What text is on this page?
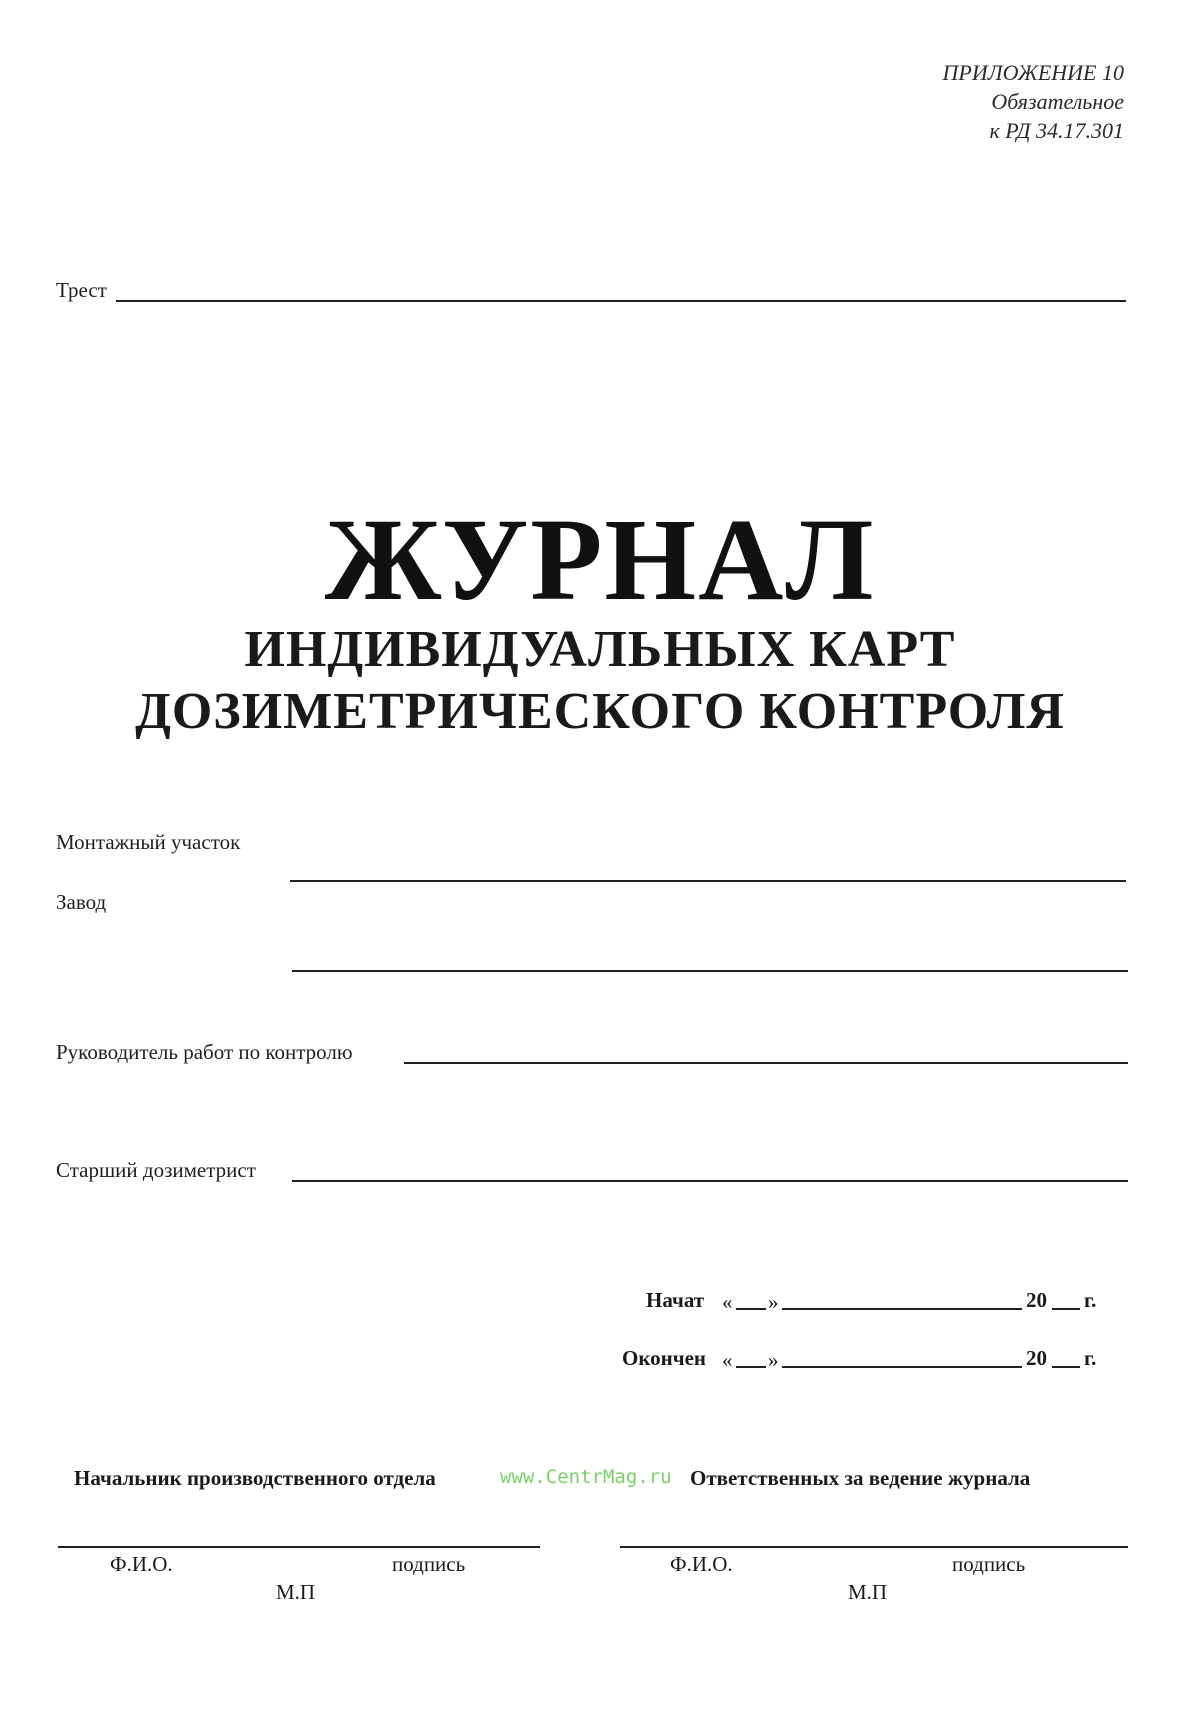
ПРИЛОЖЕНИЕ 10
Обязательное
к РД 34.17.301
Трест
ЖУРНАЛ
ИНДИВИДУАЛЬНЫХ КАРТ
ДОЗИМЕТРИЧЕСКОГО КОНТРОЛЯ
Монтажный участок
Завод
Руководитель работ по контролю
Старший дозиметрист
Начат « »	20 г.
Окончен « »	20 г.
Начальник производственного отдела	www.CentrMag.ru Ответственных за ведение журнала
Ф.И.О.	подпись
М.П
Ф.И.О.	подпись
М.П
